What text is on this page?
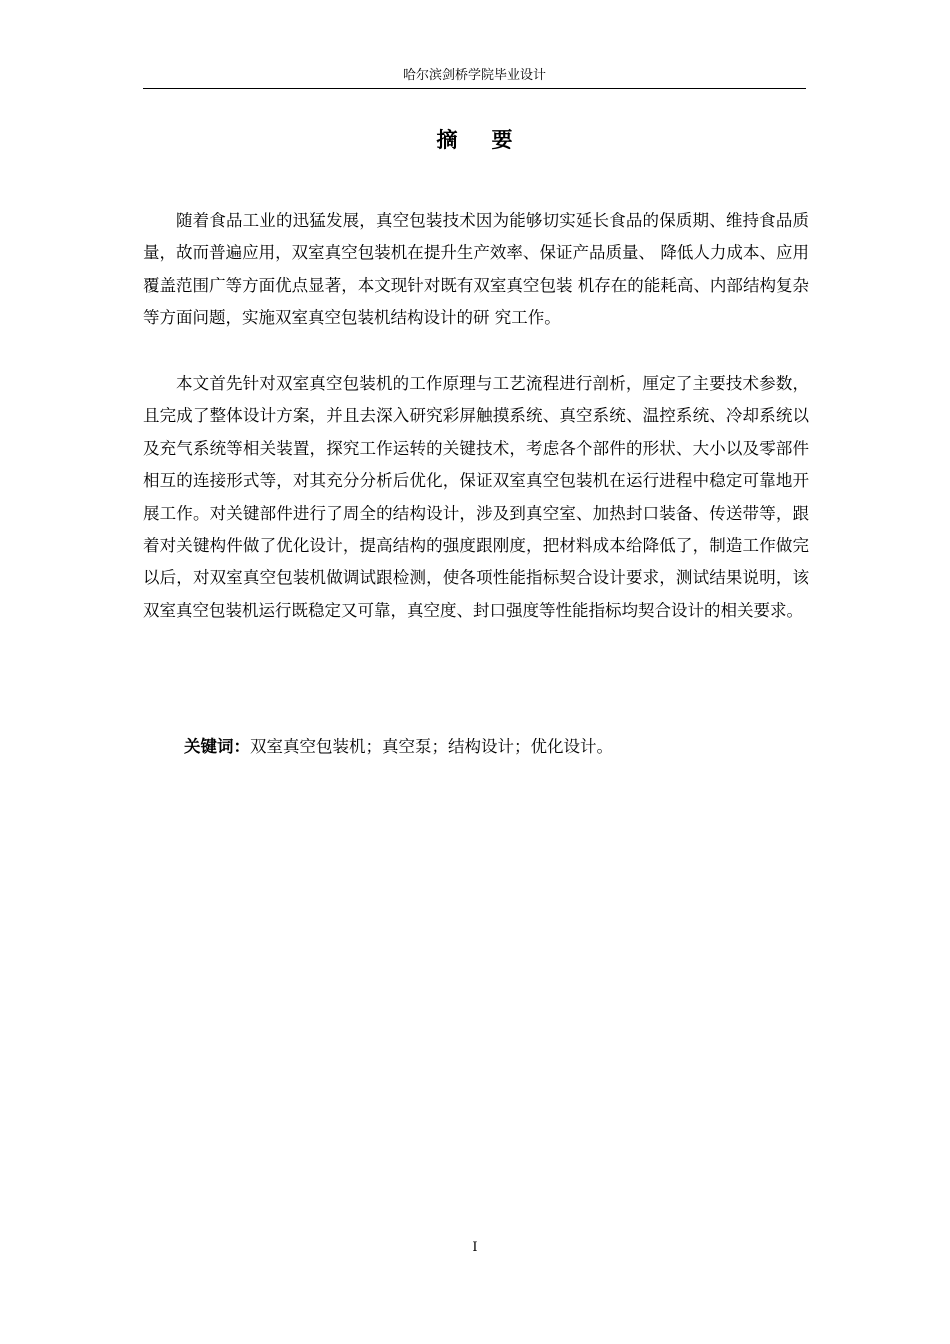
哈尔滨剑桥学院毕业设计
摘要

随着食品工业的迅猛发展，真空包装技术因为能够切实延长食品的保质期、维持食品质量，故而普遍应用，双室真空包装机在提升生产效率、保证产品质量、 降低人力成本、应用覆盖范围广等方面优点显著，本文现针对既有双室真空包装 机存在的能耗高、内部结构复杂等方面问题，实施双室真空包装机结构设计的研 究工作。

本文首先针对双室真空包装机的工作原理与工艺流程进行剖析，厘定了主要技术参数，且完成了整体设计方案，并且去深入研究彩屏触摸系统、真空系统、温控系统、冷却系统以及充气系统等相关装置，探究工作运转的关键技术，考虑各个部件的形状、大小以及零部件相互的连接形式等，对其充分分析后优化，保证双室真空包装机在运行进程中稳定可靠地开展工作。对关键部件进行了周全的结构设计，涉及到真空室、加热封口装备、传送带等，跟着对关键构件做了优化设计，提高结构的强度跟刚度，把材料成本给降低了，制造工作做完以后，对双室真空包装机做调试跟检测，使各项性能指标契合设计要求，测试结果说明，该双室真空包装机运行既稳定又可靠，真空度、封口强度等性能指标均契合设计的相关要求。

关键词：双室真空包装机；真空泵；结构设计；优化设计。
I
